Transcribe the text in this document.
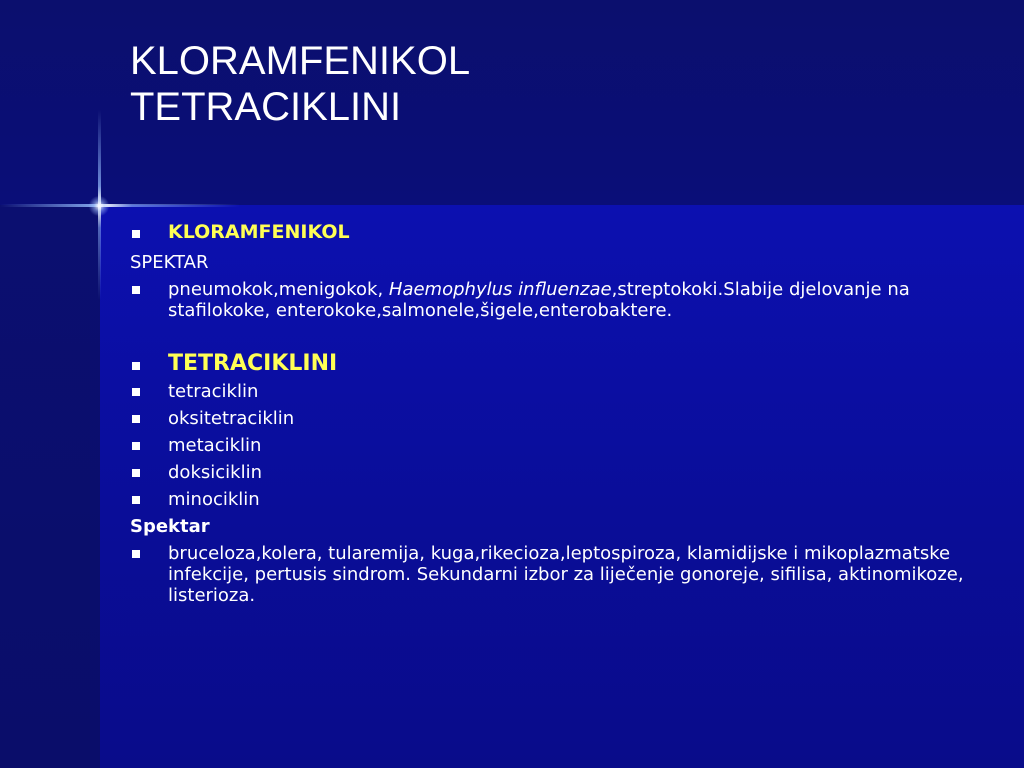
KLORAMFENIKOL
TETRACIKLINI
KLORAMFENIKOL
SPEKTAR
pneumokok,menigokok, Haemophylus influenzae,streptokoki.Slabije djelovanje na stafilokoke, enterokoke,salmonele,šigele,enterobaktere.
TETRACIKLINI
tetraciklin
oksitetraciklin
metaciklin
doksiciklin
minociklin
Spektar
bruceloza,kolera, tularemija, kuga,rikecioza,leptospiroza, klamidijske i mikoplazmatske infekcije, pertusis sindrom. Sekundarni izbor za liječenje gonoreje, sifilisa, aktinomikoze, listerioza.
